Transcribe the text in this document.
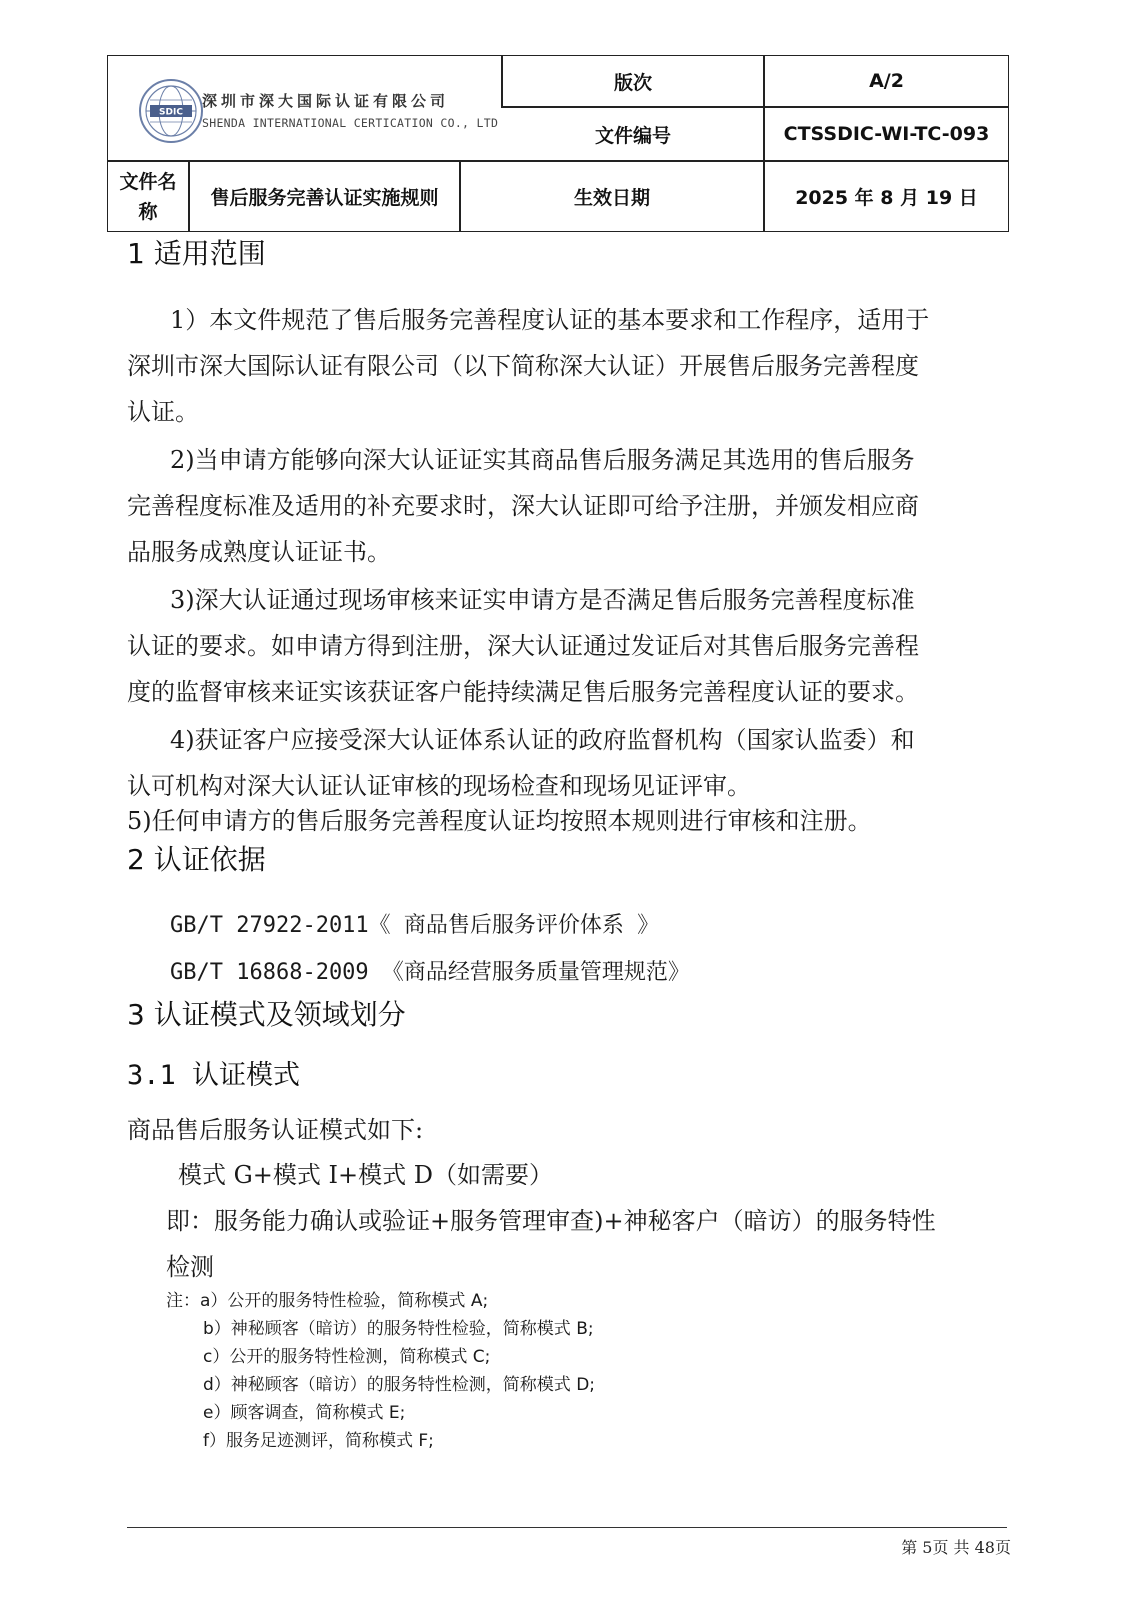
SDIC
深圳市深大国际认证有限公司
SHENDA INTERNATIONAL CERTICATION CO., LTD
版次	A/2
文件编号	CTSSDIC-WI-TC-093
文件名
称
售后服务完善认证实施规则	生效日期	2025 年 8 月 19 日
1 适用范围
1）本文件规范了售后服务完善程度认证的基本要求和工作程序，适用于
深圳市深大国际认证有限公司（以下简称深大认证）开展售后服务完善程度
认证。
2)当申请方能够向深大认证证实其商品售后服务满足其选用的售后服务
完善程度标准及适用的补充要求时，深大认证即可给予注册，并颁发相应商
品服务成熟度认证证书。
3)深大认证通过现场审核来证实申请方是否满足售后服务完善程度标准
认证的要求。如申请方得到注册，深大认证通过发证后对其售后服务完善程
度的监督审核来证实该获证客户能持续满足售后服务完善程度认证的要求。
4)获证客户应接受深大认证体系认证的政府监督机构（国家认监委）和
认可机构对深大认证认证审核的现场检查和现场见证评审。
5)任何申请方的售后服务完善程度认证均按照本规则进行审核和注册。
2 认证依据
GB/T 27922-2011《 商品售后服务评价体系 》
GB/T 16868-2009 《商品经营服务质量管理规范》
3 认证模式及领域划分
3.1 认证模式
商品售后服务认证模式如下:
模式 G+模式 I+模式 D（如需要）
即：服务能力确认或验证+服务管理审查)+神秘客户（暗访）的服务特性
检测
注：a）公开的服务特性检验，简称模式 A;
b）神秘顾客（暗访）的服务特性检验，简称模式 B;
c）公开的服务特性检测，简称模式 C;
d）神秘顾客（暗访）的服务特性检测，简称模式 D;
e）顾客调查，简称模式 E;
f）服务足迹测评，简称模式 F;
第 5页 共 48页
